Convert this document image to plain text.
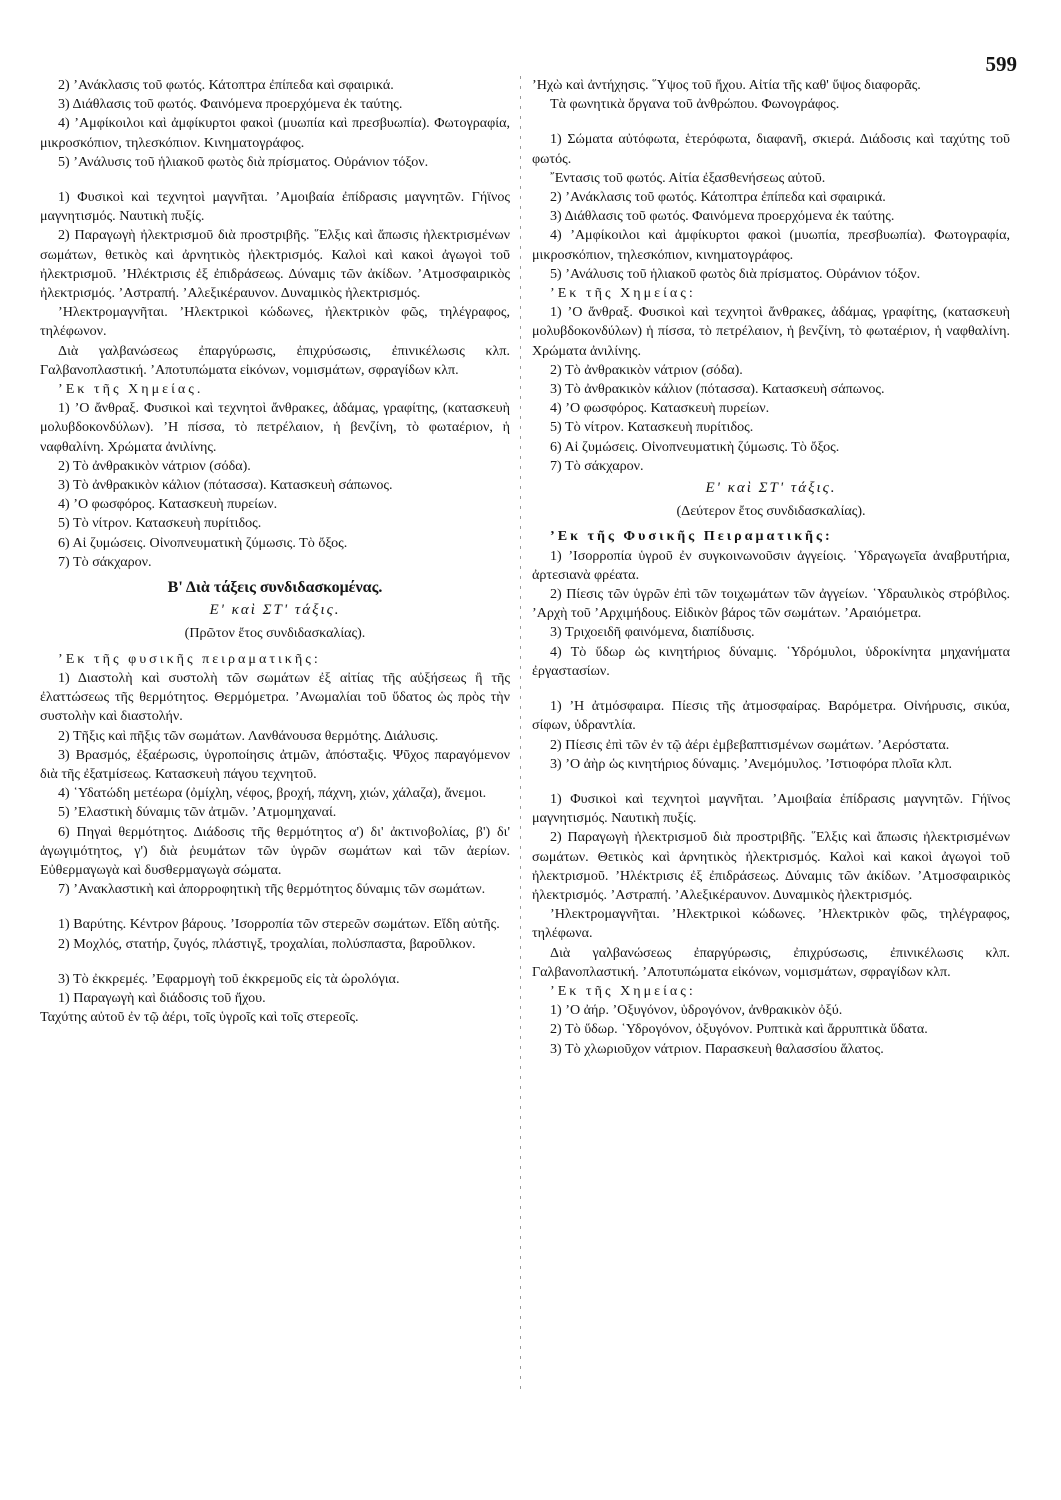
599

2) ’Ανάκλασις τοῦ φωτός. Κάτοπτρα ἐπίπεδα καὶ σφαιρικά.

3) Διάθλασις τοῦ φωτός. Φαινόμενα προερχόμενα ἐκ ταύτης.

4) ’Αμφίκοιλοι καὶ ἀμφίκυρτοι φακοὶ (μυωπία καὶ πρεσβυωπία). Φωτογραφία, μικροσκόπιον, τηλεσκόπιον. Κινηματογράφος.

5) ’Ανάλυσις τοῦ ἡλιακοῦ φωτὸς διὰ πρίσματος. Οὐράνιον τόξον.

1) Φυσικοὶ καὶ τεχνητοὶ μαγνῆται. ’Αμοιβαία ἐπίδρασις μαγνητῶν. Γήϊνος μαγνητισμός. Ναυτικὴ πυξίς.

2) Παραγωγὴ ἠλεκτρισμοῦ διὰ προστριβῆς. ῞Ελξις καὶ ἄπωσις ἠλεκτρισμένων σωμάτων, θετικὸς καὶ ἀρνητικὸς ἠλεκτρισμός. Καλοὶ καὶ κακοὶ ἀγωγοὶ τοῦ ἠλεκτρισμοῦ. ’Ηλέκτρισις ἐξ ἐπιδράσεως. Δύναμις τῶν ἀκίδων. ’Ατμοσφαιρικὸς ἠλεκτρισμός. ’Αστραπή. ’Αλεξικέραυνον. Δυναμικὸς ἠλεκτρισμός.

’Ηλεκτρομαγνῆται. ’Ηλεκτρικοὶ κώδωνες, ἠλεκτρικὸν φῶς, τηλέγραφος, τηλέφωνον.

Διὰ γαλβανώσεως ἐπαργύρωσις, ἐπιχρύσωσις, ἐπινικέλωσις κλπ. Γαλβανοπλαστική. ’Αποτυπώματα εἰκόνων, νομισμάτων, σφραγίδων κλπ.

’Εκ τῆς Χημείας.

1) ’Ο ἄνθραξ. Φυσικοὶ καὶ τεχνητοὶ ἄνθρακες, ἀδάμας, γραφίτης, (κατασκευὴ μολυβδοκονδύλων). ’Η πίσσα, τὸ πετρέλαιον, ἡ βενζίνη, τὸ φωταέριον, ἡ ναφθαλίνη. Χρώματα ἀνιλίνης.

2) Τὸ ἀνθρακικὸν νάτριον (σόδα).

3) Τὸ ἀνθρακικὸν κάλιον (πότασσα). Κατασκευὴ σάπωνος.

4) ’Ο φωσφόρος. Κατασκευὴ πυρείων.

5) Τὸ νίτρον. Κατασκευὴ πυρίτιδος.

6) Αἱ ζυμώσεις. Οἰνοπνευματικὴ ζύμωσις. Τὸ ὄξος.

7) Τὸ σάκχαρον.

Β' Διὰ τάξεις συνδιδασκομένας.

Ε' καὶ ΣΤ' τάξις.

(Πρῶτον ἔτος συνδιδασκαλίας).

’Εκ τῆς φυσικῆς πειραματικῆς:

1) Διαστολὴ καὶ συστολὴ τῶν σωμάτων ἐξ αἰτίας τῆς αὐξήσεως ἢ τῆς ἐλαττώσεως τῆς θερμότητος. Θερμόμετρα. ’Ανωμαλίαι τοῦ ὕδατος ὡς πρὸς τὴν συστολὴν καὶ διαστολήν.

2) Τῆξις καὶ πῆξις τῶν σωμάτων. Λανθάνουσα θερμότης. Διάλυσις.

3) Βρασμός, ἐξαέρωσις, ὑγροποίησις ἀτμῶν, ἀπόσταξις. Ψῦχος παραγόμενον διὰ τῆς ἐξατμίσεως. Κατασκευὴ πάγου τεχνητοῦ.

4) ῾Υδατώδη μετέωρα (ὀμίχλη, νέφος, βροχή, πάχνη, χιών, χάλαζα), ἄνεμοι.

5) ’Ελαστικὴ δύναμις τῶν ἀτμῶν. ’Ατμομηχαναί.

6) Πηγαὶ θερμότητος. Διάδοσις τῆς θερμότητος α') δι' ἀκτινοβολίας, β') δι' ἀγωγιμότητος, γ') διὰ ῥευμάτων τῶν ὑγρῶν σωμάτων καὶ τῶν ἀερίων. Εὐθερμαγωγὰ καὶ δυσθερμαγωγὰ σώματα.

7) ’Ανακλαστικὴ καὶ ἀπορροφητικὴ τῆς θερμότητος δύναμις τῶν σωμάτων.

1) Βαρύτης. Κέντρον βάρους. ’Ισορροπία τῶν στερεῶν σωμάτων. Εἴδη αὐτῆς.

2) Μοχλός, στατήρ, ζυγός, πλάστιγξ, τροχαλίαι, πολύσπαστα, βαροῦλκον.

3) Τὸ ἐκκρεμές. ’Εφαρμογὴ τοῦ ἐκκρεμοῦς εἰς τὰ ὡρολόγια.

1) Παραγωγὴ καὶ διάδοσις τοῦ ἤχου.

Ταχύτης αὐτοῦ ἐν τῷ ἀέρι, τοῖς ὑγροῖς καὶ τοῖς στερεοῖς.

’Ηχὼ καὶ ἀντήχησις. ῞Υψος τοῦ ἤχου. Αἰτία τῆς καθ' ὕψος διαφορᾶς.

Τὰ φωνητικὰ ὄργανα τοῦ ἀνθρώπου. Φωνογράφος.

1) Σώματα αὐτόφωτα, ἑτερόφωτα, διαφανῆ, σκιερά. Διάδοσις καὶ ταχύτης τοῦ φωτός.

῎Εντασις τοῦ φωτός. Αἰτία ἐξασθενήσεως αὐτοῦ.

2) ’Ανάκλασις τοῦ φωτός. Κάτοπτρα ἐπίπεδα καὶ σφαιρικά.

3) Διάθλασις τοῦ φωτός. Φαινόμενα προερχόμενα ἐκ ταύτης.

4) ’Αμφίκοιλοι καὶ ἀμφίκυρτοι φακοὶ (μυωπία, πρεσβυωπία). Φωτογραφία, μικροσκόπιον, τηλεσκόπιον, κινηματογράφος.

5) ’Ανάλυσις τοῦ ἡλιακοῦ φωτὸς διὰ πρίσματος. Οὐράνιον τόξον.

’Εκ τῆς Χημείας:

1) ’Ο ἄνθραξ. Φυσικοὶ καὶ τεχνητοὶ ἄνθρακες, ἀδάμας, γραφίτης, (κατασκευὴ μολυβδοκονδύλων) ἡ πίσσα, τὸ πετρέλαιον, ἡ βενζίνη, τὸ φωταέριον, ἡ ναφθαλίνη. Χρώματα ἀνιλίνης.

2) Τὸ ἀνθρακικὸν νάτριον (σόδα).

3) Τὸ ἀνθρακικὸν κάλιον (πότασσα). Κατασκευὴ σάπωνος.

4) ’Ο φωσφόρος. Κατασκευὴ πυρείων.

5) Τὸ νίτρον. Κατασκευὴ πυρίτιδος.

6) Αἱ ζυμώσεις. Οἰνοπνευματικὴ ζύμωσις. Τὸ ὄξος.

7) Τὸ σάκχαρον.

Ε' καὶ ΣΤ' τάξις.

(Δεύτερον ἔτος συνδιδασκαλίας).

’Εκ τῆς Φυσικῆς Πειραματικῆς:

1) ’Ισορροπία ὑγροῦ ἐν συγκοινωνοῦσιν ἀγγείοις. ῾Υδραγωγεῖα ἀναβρυτήρια, ἀρτεσιανὰ φρέατα.

2) Πίεσις τῶν ὑγρῶν ἐπὶ τῶν τοιχωμάτων τῶν ἀγγείων. ῾Υδραυλικὸς στρόβιλος. ’Αρχὴ τοῦ ’Αρχιμήδους. Εἰδικὸν βάρος τῶν σωμάτων. ’Αραιόμετρα.

3) Τριχοειδῆ φαινόμενα, διαπίδυσις.

4) Τὸ ὕδωρ ὡς κινητήριος δύναμις. ῾Υδρόμυλοι, ὑδροκίνητα μηχανήματα ἐργαστασίων.

1) ’Η ἀτμόσφαιρα. Πίεσις τῆς ἀτμοσφαίρας. Βαρόμετρα. Οἰνήρυσις, σικύα, σίφων, ὑδραντλία.

2) Πίεσις ἐπὶ τῶν ἐν τῷ ἀέρι ἐμβεβαπτισμένων σωμάτων. ’Αερόστατα.

3) ’Ο ἀὴρ ὡς κινητήριος δύναμις. ’Ανεμόμυλος. ’Ιστιοφόρα πλοῖα κλπ.

1) Φυσικοὶ καὶ τεχνητοὶ μαγνῆται. ’Αμοιβαία ἐπίδρασις μαγνητῶν. Γήϊνος μαγνητισμός. Ναυτικὴ πυξίς.

2) Παραγωγὴ ἠλεκτρισμοῦ διὰ προστριβῆς. ῞Ελξις καὶ ἄπωσις ἠλεκτρισμένων σωμάτων. Θετικὸς καὶ ἀρνητικὸς ἠλεκτρισμός. Καλοὶ καὶ κακοὶ ἀγωγοὶ τοῦ ἠλεκτρισμοῦ. ’Ηλέκτρισις ἐξ ἐπιδράσεως. Δύναμις τῶν ἀκίδων. ’Ατμοσφαιρικὸς ἠλεκτρισμός. ’Αστραπή. ’Αλεξικέραυνον. Δυναμικὸς ἠλεκτρισμός.

’Ηλεκτρομαγνῆται. ’Ηλεκτρικοὶ κώδωνες. ’Ηλεκτρικὸν φῶς, τηλέγραφος, τηλέφωνα.

Διὰ γαλβανώσεως ἐπαργύρωσις, ἐπιχρύσωσις, ἐπινικέλωσις κλπ. Γαλβανοπλαστική. ’Αποτυπώματα εἰκόνων, νομισμάτων, σφραγίδων κλπ.

’Εκ τῆς Χημείας:

1) ’Ο ἀήρ. ’Οξυγόνον, ὑδρογόνον, ἀνθρακικὸν ὀξύ.

2) Τὸ ὕδωρ. ῾Υδρογόνον, ὀξυγόνον. Ρυπτικὰ καὶ ἄρρυπτικὰ ὕδατα.

3) Τὸ χλωριοῦχον νάτριον. Παρασκευὴ θαλασσίου ἅλατος.
